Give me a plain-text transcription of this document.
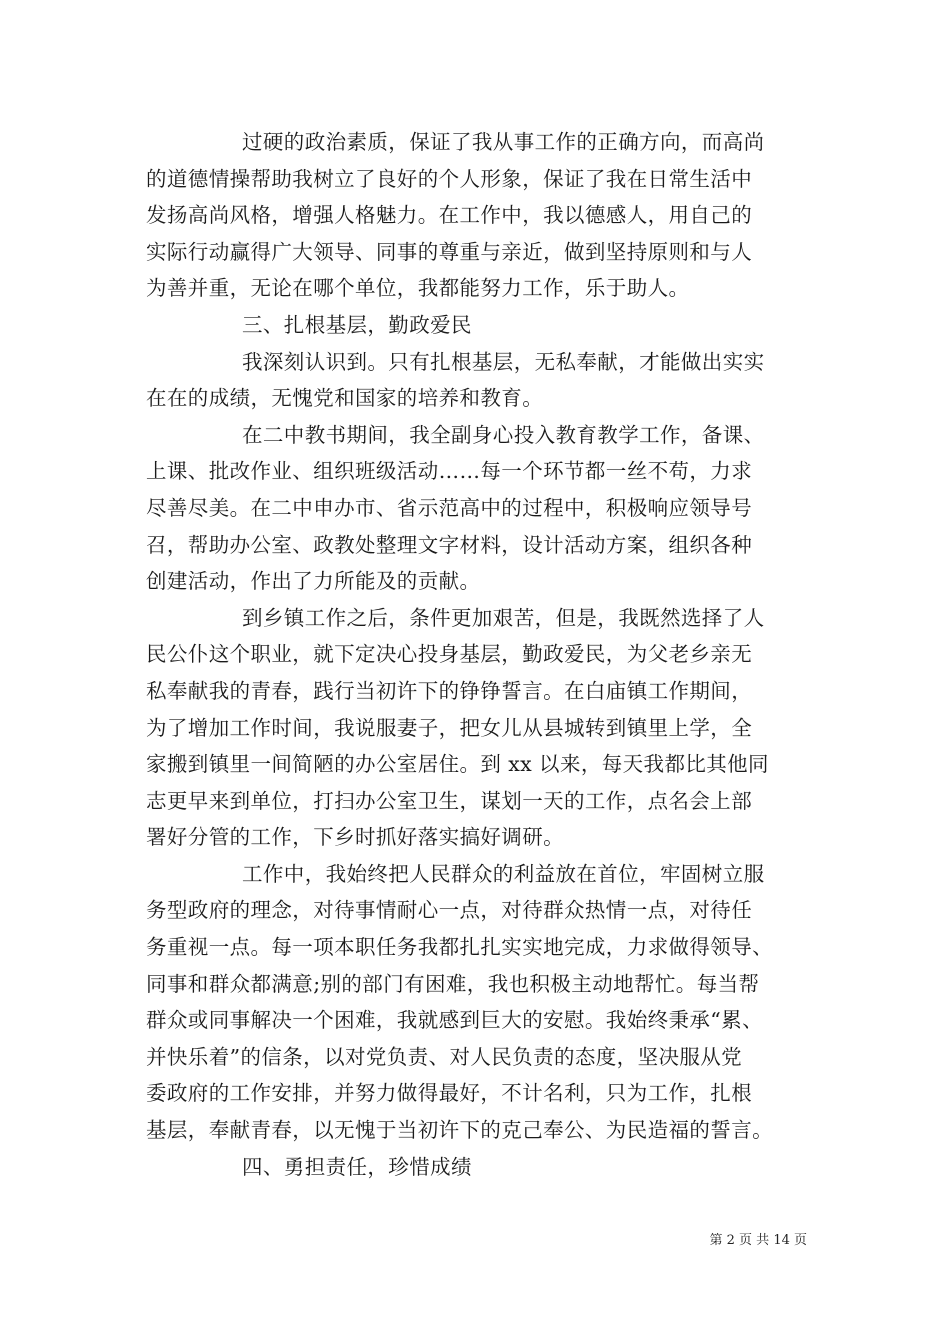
过硬的政治素质，保证了我从事工作的正确方向，而高尚
的道德情操帮助我树立了良好的个人形象，保证了我在日常生活中
发扬高尚风格，增强人格魅力。在工作中，我以德感人，用自己的
实际行动赢得广大领导、同事的尊重与亲近，做到坚持原则和与人
为善并重，无论在哪个单位，我都能努力工作，乐于助人。
三、扎根基层，勤政爱民
我深刻认识到。只有扎根基层，无私奉献，才能做出实实
在在的成绩，无愧党和国家的培养和教育。
在二中教书期间，我全副身心投入教育教学工作，备课、
上课、批改作业、组织班级活动……每一个环节都一丝不苟，力求
尽善尽美。在二中申办市、省示范高中的过程中，积极响应领导号
召，帮助办公室、政教处整理文字材料，设计活动方案，组织各种
创建活动，作出了力所能及的贡献。
到乡镇工作之后，条件更加艰苦，但是，我既然选择了人
民公仆这个职业，就下定决心投身基层，勤政爱民，为父老乡亲无
私奉献我的青春，践行当初许下的铮铮誓言。在白庙镇工作期间，
为了增加工作时间，我说服妻子，把女儿从县城转到镇里上学，全
家搬到镇里一间简陋的办公室居住。到 xx 以来，每天我都比其他同
志更早来到单位，打扫办公室卫生，谋划一天的工作，点名会上部
署好分管的工作，下乡时抓好落实搞好调研。
工作中，我始终把人民群众的利益放在首位，牢固树立服
务型政府的理念，对待事情耐心一点，对待群众热情一点，对待任
务重视一点。每一项本职任务我都扎扎实实地完成，力求做得领导、
同事和群众都满意;别的部门有困难，我也积极主动地帮忙。每当帮
群众或同事解决一个困难，我就感到巨大的安慰。我始终秉承“累、
并快乐着”的信条，以对党负责、对人民负责的态度，坚决服从党
委政府的工作安排，并努力做得最好，不计名利，只为工作，扎根
基层，奉献青春，以无愧于当初许下的克己奉公、为民造福的誓言。
四、勇担责任，珍惜成绩
第 2 页 共 14 页
